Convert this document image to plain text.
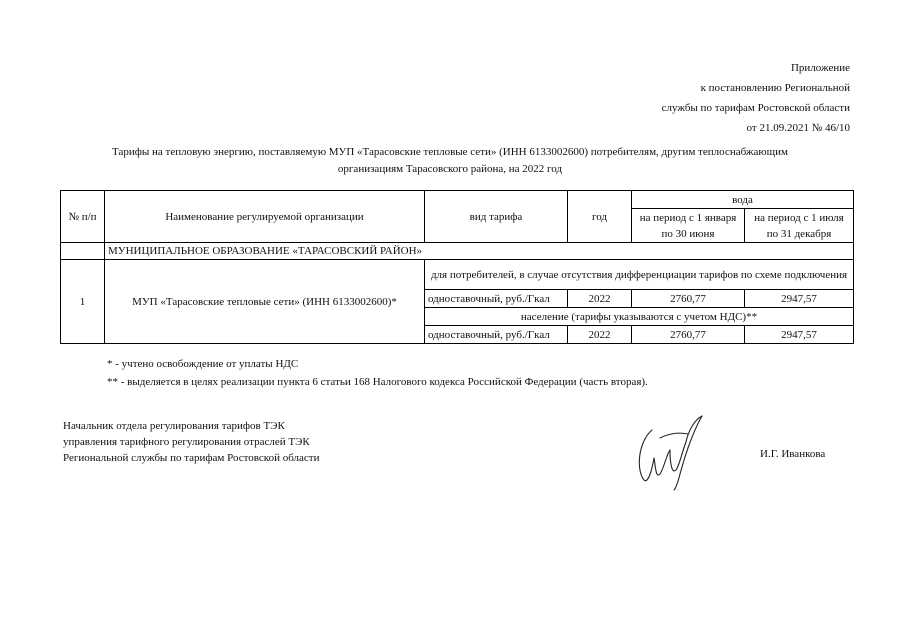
Приложение
к постановлению Региональной
службы по тарифам Ростовской области
от 21.09.2021 № 46/10
Тарифы на тепловую энергию, поставляемую МУП «Тарасовские тепловые сети» (ИНН 6133002600) потребителям, другим теплоснабжающим
организациям Тарасовского района, на 2022 год
№ п/п	Наименование регулируемой организации	вид тарифа	год	вода	
				на период с 1 января по 30 июня	на период с 1 июля по 31 декабря
	МУНИЦИПАЛЬНОЕ ОБРАЗОВАНИЕ «ТАРАСОВСКИЙ РАЙОН»				
1	МУП «Тарасовские тепловые сети» (ИНН 6133002600)*	для потребителей, в случае отсутствия дифференциации тарифов по схеме подключения			
		одноставочный, руб./Гкал	2022	2760,77	2947,57
		население (тарифы указываются с учетом НДС)**			
		одноставочный, руб./Гкал	2022	2760,77	2947,57
* - учтено освобождение от уплаты НДС
** - выделяется в целях реализации пункта 6 статьи 168 Налогового кодекса Российской Федерации (часть вторая).
Начальник отдела регулирования тарифов ТЭК
управления тарифного регулирования отраслей ТЭК
Региональной службы по тарифам Ростовской области	И.Г. Иванкова
